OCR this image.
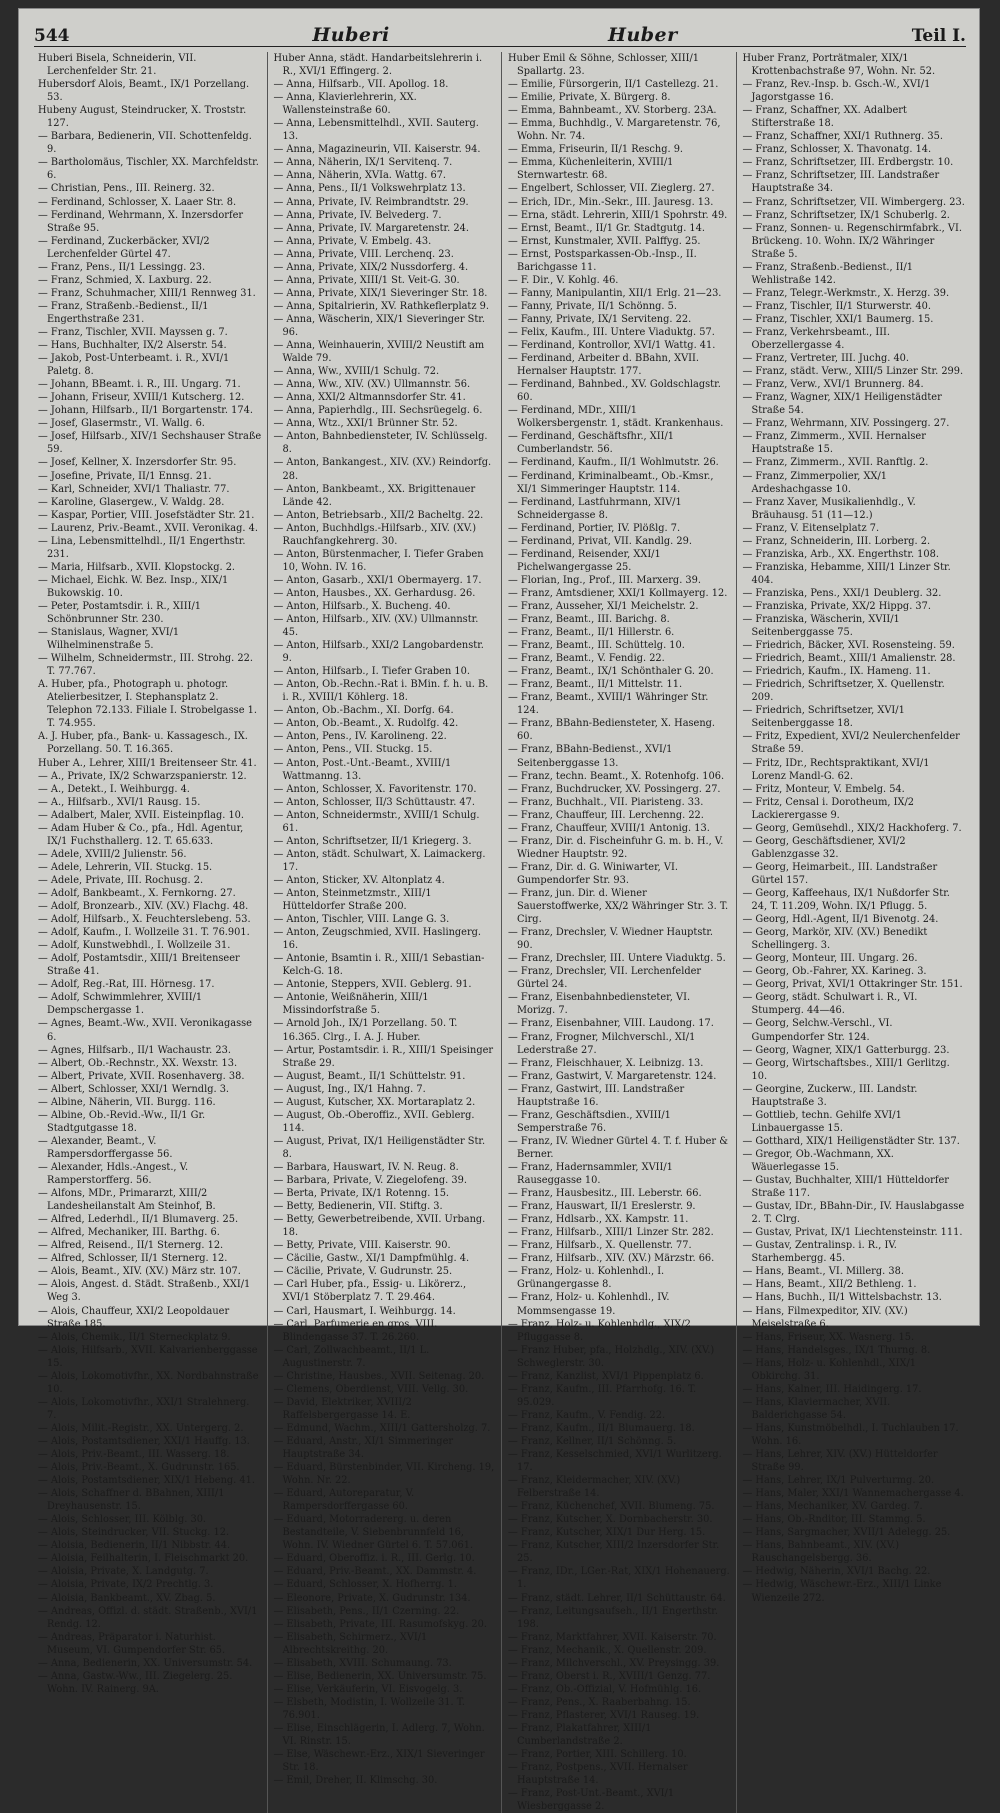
544	Huberi	Huber	Teil I.
Huberi Bisela, Schneiderin, VII. Lerchenfelder Str. 21.
Hubersdorf Alois, Beamt., IX/1 Porzellang. 53.
Hubeny August, Steindrucker, X. Troststr. 127.
— Barbara, Bedienerin, VII. Schottenfeldg. 9.
— Bartholomäus, Tischler, XX. Marchfeldstr. 6.
— Christian, Pens., III. Reinerg. 32.
— Ferdinand, Schlosser, X. Laaer Str. 8.
— Ferdinand, Wehrmann, X. Inzersdorfer Straße 95.
— Ferdinand, Zuckerbäcker, XVI/2 Lerchenfelder Gürtel 47.
— Franz, Pens., II/1 Lessingg. 23.
— Franz, Schmied, X. Laxburg. 22.
— Franz, Schuhmacher, XIII/1 Rennweg 31.
— Franz, Straßenb.-Bedienst., II/1 Engerthstraße 231.
— Franz, Tischler, XVII. Mayssen g. 7.
— Hans, Buchhalter, IX/2 Alserstr. 54.
— Jakob, Post-Unterbeamt. i. R., XVI/1 Paletg. 8.
— Johann, BBeamt. i. R., III. Ungarg. 71.
— Johann, Friseur, XVIII/1 Kutscherg. 12.
— Johann, Hilfsarb., II/1 Borgartenstr. 174.
— Josef, Glasermstr., VI. Wallg. 6.
— Josef, Hilfsarb., XIV/1 Sechshauser Straße 59.
— Josef, Kellner, X. Inzersdorfer Str. 95.
— Josefine, Private, II/1 Ennsg. 21.
— Karl, Schneider, XVI/1 Thaliastr. 77.
— Karoline, Glasergew., V. Waldg. 28.
— Kaspar, Portier, VIII. Josefstädter Str. 21.
— Laurenz, Priv.-Beamt., XVII. Veronikag. 4.
— Lina, Lebensmittelhdl., II/1 Engerthstr. 231.
— Maria, Hilfsarb., XVII. Klopstockg. 2.
— Michael, Eichk. W. Bez. Insp., XIX/1 Bukowskig. 10.
— Peter, Postamtsdir. i. R., XIII/1 Schönbrunner Str. 230.
— Stanislaus, Wagner, XVI/1 Wilhelminenstraße 5.
— Wilhelm, Schneidermstr., III. Strohg. 22. T. 77.767.
A. Huber, pfa., Photograph u. photogr. Atelierbesitzer, I. Stephansplatz 2. Telephon 72.133. Filiale I. Strobelgasse 1. T. 74.955.
A. J. Huber, pfa., Bank- u. Kassagesch., IX. Porzellang. 50. T. 16.365.
Huber A., Lehrer, XIII/1 Breitenseer Str. 41.
— A., Private, IX/2 Schwarzspanierstr. 12.
— A., Detekt., I. Weihburgg. 4.
— A., Hilfsarb., XVI/1 Rausg. 15.
— Adalbert, Maler, XVII. Eisteinpflag. 10.
— Adam Huber & Co., pfa., Hdl. Agentur, IX/1 Fuchsthallerg. 12. T. 65.633.
— Adele, XVIII/2 Julienstr. 56.
— Adele, Lehrerin, VII. Stuckg. 15.
— Adele, Private, III. Rochusg. 2.
— Adolf, Bankbeamt., X. Fernkorng. 27.
— Adolf, Bronzearb., XIV. (XV.) Flachg. 48.
— Adolf, Hilfsarb., X. Feuchterslebeng. 53.
— Adolf, Kaufm., I. Wollzeile 31. T. 76.901.
— Adolf, Kunstwebhdl., I. Wollzeile 31.
— Adolf, Postamtsdir., XIII/1 Breitenseer Straße 41.
— Adolf, Reg.-Rat, III. Hörnesg. 17.
— Adolf, Schwimmlehrer, XVIII/1 Dempschergasse 1.
— Agnes, Beamt.-Ww., XVII. Veronikagasse 6.
— Agnes, Hilfsarb., II/1 Wachaustr. 23.
— Albert, Ob.-Rechnstr., XX. Wexstr. 13.
— Albert, Private, XVII. Rosenhaverg. 38.
— Albert, Schlosser, XXI/1 Werndlg. 3.
— Albine, Näherin, VII. Burgg. 116.
— Albine, Ob.-Revid.-Ww., II/1 Gr. Stadtgutgasse 18.
— Alexander, Beamt., V. Rampersdorffergasse 56.
— Alexander, Hdls.-Angest., V. Ramperstorfferg. 56.
— Alfons, MDr., Primararzt, XIII/2 Landesheilanstalt Am Steinhof, B.
— Alfred, Lederhdl., II/1 Blumaverg. 25.
— Alfred, Mechaniker, III. Barthg. 6.
— Alfred, Reisend., II/1 Sternerg. 12.
— Alfred, Schlosser, II/1 Sternerg. 12.
— Alois, Beamt., XIV. (XV.) März str. 107.
— Alois, Angest. d. Städt. Straßenb., XXI/1 Weg 3.
— Alois, Chauffeur, XXI/2 Leopoldauer Straße 185.
— Alois, Chemik., II/1 Sterneckplatz 9.
— Alois, Hilfsarb., XVII. Kalvarienberggasse 15.
— Alois, Lokomotivfhr., XX. Nordbahnstraße 10.
— Alois, Lokomotivfhr., XXI/1 Stralehnerg. 7.
— Alois, Milit.-Registr., XX. Untergerg. 2.
— Alois, Postamtsdiener, XXI/1 Hauffg. 13.
— Alois, Priv.-Beamt., III. Wasserg. 18.
— Alois, Priv.-Beamt., X. Gudrunstr. 165.
— Alois, Postamtsdiener, XIX/1 Hebeng. 41.
— Alois, Schaffner d. BBahnen, XIII/1 Dreyhausenstr. 15.
— Alois, Schlosser, III. Kölblg. 30.
— Alois, Steindrucker, VII. Stuckg. 12.
— Aloisia, Bedienerin, II/1 Nibbstr. 44.
— Aloisia, Feilhalterin, I. Fleischmarkt 20.
— Aloisia, Private, X. Landgutg. 7.
— Aloisia, Private, IX/2 Prechtlg. 3.
— Aloisia, Bankbeamt., XV. Zbag. 5.
— Andreas, Offizl. d. städt. Straßenb., XVI/1 Rendg. 12.
— Andreas, Präparator i. Naturhist. Museum, VI. Gumpendorfer Str. 65.
— Anna, Bedienerin, XX. Universumstr. 54.
— Anna, Gastw.-Ww., III. Ziegelerg. 25. Wohn. IV. Rainerg. 9A.
Huber Anna, städt. Handarbeitslehrerin i. R., XVI/1 Effingerg. 2.
— Anna, Hilfsarb., VII. Apollog. 18.
— Anna, Klavierlehrerin, XX. Wallensteinstraße 60.
— Anna, Lebensmittelhdl., XVII. Sauterg. 13.
— Anna, Magazineurin, VII. Kaiserstr. 94.
— Anna, Näherin, IX/1 Servitenq. 7.
— Anna, Näherin, XVIa. Wattg. 67.
— Anna, Pens., II/1 Volkswehrplatz 13.
— Anna, Private, IV. Reimbrandtstr. 29.
— Anna, Private, IV. Belvederg. 7.
— Anna, Private, IV. Margaretenstr. 24.
— Anna, Private, V. Embelg. 43.
— Anna, Private, VIII. Lerchenq. 23.
— Anna, Private, XIX/2 Nussdorferg. 4.
— Anna, Private, XIII/1 St. Veit-G. 30.
— Anna, Private, XIX/1 Sieveringer Str. 18.
— Anna, Spitalrierin, XV. Rathkeflerplatz 9.
— Anna, Wäscherin, XIX/1 Sieveringer Str. 96.
— Anna, Weinhauerin, XVIII/2 Neustift am Walde 79.
— Anna, Ww., XVIII/1 Schulg. 72.
— Anna, Ww., XIV. (XV.) Ullmannstr. 56.
— Anna, XXI/2 Altmannsdorfer Str. 41.
— Anna, Papierhdlg., III. Sechsrüegelg. 6.
— Anna, Wtz., XXI/1 Brünner Str. 52.
— Anton, Bahnbediensteter, IV. Schlüsselg. 8.
— Anton, Bankangest., XIV. (XV.) Reindorfg. 28.
— Anton, Bankbeamt., XX. Brigittenauer Lände 42.
— Anton, Betriebsarb., XII/2 Bacheltg. 22.
— Anton, Buchhdlgs.-Hilfsarb., XIV. (XV.) Rauchfangkehrerg. 30.
— Anton, Bürstenmacher, I. Tiefer Graben 10, Wohn. IV. 16.
— Anton, Gasarb., XXI/1 Obermayerg. 17.
— Anton, Hausbes., XX. Gerhardusg. 26.
— Anton, Hilfsarb., X. Bucheng. 40.
— Anton, Hilfsarb., XIV. (XV.) Ullmannstr. 45.
— Anton, Hilfsarb., XXI/2 Langobardenstr. 9.
— Anton, Hilfsarb., I. Tiefer Graben 10.
— Anton, Ob.-Rechn.-Rat i. BMin. f. h. u. B. i. R., XVIII/1 Köhlerg. 18.
— Anton, Ob.-Bachm., XI. Dorfg. 64.
— Anton, Ob.-Beamt., X. Rudolfg. 42.
— Anton, Pens., IV. Karolineng. 22.
— Anton, Pens., VII. Stuckg. 15.
— Anton, Post.-Unt.-Beamt., XVIII/1 Wattmanng. 13.
— Anton, Schlosser, X. Favoritenstr. 170.
— Anton, Schlosser, II/3 Schüttaustr. 47.
— Anton, Schneidermstr., XVIII/1 Schulg. 61.
— Anton, Schriftsetzer, II/1 Kriegerg. 3.
— Anton, städt. Schulwart, X. Laimackerg. 17.
— Anton, Sticker, XV. Altonplatz 4.
— Anton, Steinmetzmstr., XIII/1 Hütteldorfer Straße 200.
— Anton, Tischler, VIII. Lange G. 3.
— Anton, Zeugschmied, XVII. Haslingerg. 16.
— Antonie, Bsamtin i. R., XIII/1 Sebastian-Kelch-G. 18.
— Antonie, Steppers, XVII. Geblerg. 91.
— Antonie, Weißnäherin, XIII/1 Missindorfstraße 5.
— Arnold Joh., IX/1 Porzellang. 50. T. 16.365. Clrg., I. A. J. Huber.
— Artur, Postamtsdir. i. R., XIII/1 Speisinger Straße 29.
— August, Beamt., II/1 Schüttelstr. 91.
— August, Ing., IX/1 Hahng. 7.
— August, Kutscher, XX. Mortaraplatz 2.
— August, Ob.-Oberoffiz., XVII. Geblerg. 114.
— August, Privat, IX/1 Heiligenstädter Str. 8.
— Barbara, Hauswart, IV. N. Reug. 8.
— Barbara, Private, V. Ziegelofeng. 39.
— Berta, Private, IX/1 Rotenng. 15.
— Betty, Bedienerin, VII. Stiftg. 3.
— Betty, Gewerbetreibende, XVII. Urbang. 18.
— Betty, Private, VIII. Kaiserstr. 90.
— Cäcilie, Gastw., XI/1 Dampfmühlg. 4.
— Cäcilie, Private, V. Gudrunstr. 25.
— Carl Huber, pfa., Essig- u. Likörerz., XVI/1 Stöberplatz 7. T. 29.464.
— Carl, Hausmart, I. Weihburgg. 14.
— Carl, Parfumerie en gros, VIII. Blindengasse 37. T. 26.260.
— Carl, Zollwachbeamt., II/1 L. Augustinerstr. 7.
— Christine, Hausbes., XVII. Seitenag. 20.
— Clemens, Oberdienst, VIII. Vellg. 30.
— David, Elektriker, XVIII/2 Raffelsbergergasse 14. E.
— Edmund, Wachm., XIII/1 Gattersholzg. 7.
— Eduard, Anstr., XI/1 Simmeringer Hauptstraße 34.
— Eduard, Bürstenbinder, VII. Kircheng. 19, Wohn. Nr. 22.
— Eduard, Autoreparatur, V. Rampersdorffergasse 60.
— Eduard, Motorradererg. u. deren Bestandteile, V. Siebenbrunnfeld 16, Wohn. IV. Wiedner Gürtel 6. T. 57.061.
— Eduard, Oberoffiz. i. R., III. Gerlg. 10.
— Eduard, Priv.-Beamt., XX. Dammstr. 4.
— Eduard, Schlosser, X. Hofherrg. 1.
— Eleonore, Private, X. Gudrunstr. 134.
— Elisabeth, Pens., II/1 Czerning. 22.
— Elisabeth, Private, III. Rasumofskyg. 20.
— Elisabeth, Schirmerz., XVI/1 Albrechtskreithg. 20.
— Elisabeth, XVIII. Schumaung. 73.
— Elise, Bedienerin, XX. Universumstr. 75.
— Elise, Verkäuferin, VI. Eisvogelg. 3.
— Elsbeth, Modistin, I. Wollzeile 31. T. 76.901.
— Elise, Einschlägerin, I. Adlerg. 7, Wohn. VI. Rinstr. 15.
— Else, Wäschewr.-Erz., XIX/1 Sieveringer Str. 18.
— Emil, Dreher, II. Klimschg. 30.
Huber Emil & Söhne, Schlosser, XIII/1 Spallartg. 23.
— Emilie, Fürsorgerin, II/1 Castellezg. 21.
— Emilie, Private, X. Bürgerg. 8.
— Emma, Bahnbeamt., XV. Storberg. 23A.
— Emma, Buchhdlg., V. Margaretenstr. 76, Wohn. Nr. 74.
— Emma, Friseurin, II/1 Reschg. 9.
— Emma, Küchenleiterin, XVIII/1 Sternwartestr. 68.
— Engelbert, Schlosser, VII. Zieglerg. 27.
— Erich, IDr., Min.-Sekr., III. Jauresg. 13.
— Erna, städt. Lehrerin, XIII/1 Spohrstr. 49.
— Ernst, Beamt., II/1 Gr. Stadtgutg. 14.
— Ernst, Kunstmaler, XVII. Palffyg. 25.
— Ernst, Postsparkassen-Ob.-Insp., II. Barichgasse 11.
— F. Dir., V. Kohlg. 46.
— Fanny, Manipulantin, XII/1 Erlg. 21—23.
— Fanny, Private, II/1 Schönng. 5.
— Fanny, Private, IX/1 Serviteng. 22.
— Felix, Kaufm., III. Untere Viaduktg. 57.
— Ferdinand, Kontrollor, XVI/1 Wattg. 41.
— Ferdinand, Arbeiter d. BBahn, XVII. Hernalser Hauptstr. 177.
— Ferdinand, Bahnbed., XV. Goldschlagstr. 60.
— Ferdinand, MDr., XIII/1 Wolkersbergenstr. 1, städt. Krankenhaus.
— Ferdinand, Geschäftsfhr., XII/1 Cumberlandstr. 56.
— Ferdinand, Kaufm., II/1 Wohlmutstr. 26.
— Ferdinand, Kriminalbeamt., Ob.-Kmsr., XI/1 Simmeringer Hauptstr. 114.
— Ferdinand, Lastfuhrmann, XIV/1 Schneidergasse 8.
— Ferdinand, Portier, IV. Plößlg. 7.
— Ferdinand, Privat, VII. Kandlg. 29.
— Ferdinand, Reisender, XXI/1 Pichelwangergasse 25.
— Florian, Ing., Prof., III. Marxerg. 39.
— Franz, Amtsdiener, XXI/1 Kollmayerg. 12.
— Franz, Ausseher, XI/1 Meichelstr. 2.
— Franz, Beamt., III. Barichg. 8.
— Franz, Beamt., II/1 Hillerstr. 6.
— Franz, Beamt., III. Schüttelg. 10.
— Franz, Beamt., V. Fendig. 22.
— Franz, Beamt., IX/1 Schönthaler G. 20.
— Franz, Beamt., II/1 Mittelstr. 11.
— Franz, Beamt., XVIII/1 Währinger Str. 124.
— Franz, BBahn-Bediensteter, X. Haseng. 60.
— Franz, BBahn-Bedienst., XVI/1 Seitenberggasse 13.
— Franz, techn. Beamt., X. Rotenhofg. 106.
— Franz, Buchdrucker, XV. Possingerg. 27.
— Franz, Buchhalt., VII. Piaristeng. 33.
— Franz, Chauffeur, III. Lerchenng. 22.
— Franz, Chauffeur, XVIII/1 Antonig. 13.
— Franz, Dir. d. Fischeinfuhr G. m. b. H., V. Wiedner Hauptstr. 92.
— Franz, Dir. d. G. Winiwarter, VI. Gumpendorfer Str. 93.
— Franz, jun. Dir. d. Wiener Sauerstoffwerke, XX/2 Währinger Str. 3. T. Cirg.
— Franz, Drechsler, V. Wiedner Hauptstr. 90.
— Franz, Drechsler, III. Untere Viaduktg. 5.
— Franz, Drechsler, VII. Lerchenfelder Gürtel 24.
— Franz, Eisenbahnbediensteter, VI. Morizg. 7.
— Franz, Eisenbahner, VIII. Laudong. 17.
— Franz, Frogner, Milchverschl., XI/1 Lederstraße 27.
— Franz, Fleischhauer, X. Leibnizg. 13.
— Franz, Gastwirt, V. Margaretenstr. 124.
— Franz, Gastwirt, III. Landstraßer Hauptstraße 16.
— Franz, Geschäftsdien., XVIII/1 Semperstraße 76.
— Franz, IV. Wiedner Gürtel 4. T. f. Huber & Berner.
— Franz, Hadernsammler, XVII/1 Rauseggasse 10.
— Franz, Hausbesitz., III. Leberstr. 66.
— Franz, Hauswart, II/1 Ereslerstr. 9.
— Franz, Hdlsarb., XX. Kampstr. 11.
— Franz, Hilfsarb., XIII/1 Linzer Str. 282.
— Franz, Hilfsarb., X. Quellenstr. 77.
— Franz, Hilfsarb., XIV. (XV.) Märzstr. 66.
— Franz, Holz- u. Kohlenhdl., I. Grünangergasse 8.
— Franz, Holz- u. Kohlenhdl., IV. Mommsengasse 19.
— Franz, Holz- u. Kohlenhdlg., XIX/2 Pfluggasse 8.
— Franz Huber, pfa., Holzhdlg., XIV. (XV.) Schweglerstr. 30.
— Franz, Kanzlist, XVI/1 Pippenplatz 6.
— Franz, Kaufm., III. Pfarrhofg. 16. T. 95.029.
— Franz, Kaufm., V. Fendig. 22.
— Franz, Kaufm., II/1 Blumauerg. 18.
— Franz, Kellner, II/1 Schönng. 5.
— Franz, Kesselschmied, XVI/1 Wurlitzerg. 17.
— Franz, Kleidermacher, XIV. (XV.) Felberstraße 14.
— Franz, Küchenchef, XVII. Blumeng. 75.
— Franz, Kutscher, X. Dornbacherstr. 30.
— Franz, Kutscher, XIX/1 Dur Herg. 15.
— Franz, Kutscher, XIII/2 Inzersdorfer Str. 25.
— Franz, IDr., LGer.-Rat, XIX/1 Hohenauerg. 1.
— Franz, städt. Lehrer, II/1 Schüttaustr. 64.
— Franz, Leitungsaufseh., II/1 Engerthstr. 198.
— Franz, Marktfahrer, XVII. Kaiserstr. 70.
— Franz, Mechanik., X. Quellenstr. 209.
— Franz, Milchverschl., XV. Preysingg. 39.
— Franz, Oberst i. R., XVIII/1 Genzg. 77.
— Franz, Ob.-Offizial, V. Hofmühlg. 16.
— Franz, Pens., X. Raaberbahng. 15.
— Franz, Pflasterer, XVI/1 Rauseg. 19.
— Franz, Plakatfahrer, XIII/1 Cumberlandstraße 2.
— Franz, Portier, XIII. Schillerg. 10.
— Franz, Postpens., XVII. Hernalser Hauptstraße 14.
— Franz, Post-Unt.-Beamt., XVI/1 Wiesberggasse 2.
Huber Franz, Porträtmaler, XIX/1 Krottenbachstraße 97, Wohn. Nr. 52.
— Franz, Rev.-Insp. b. Gsch.-W., XVI/1 Jagorstgasse 16.
— Franz, Schaffner, XX. Adalbert Stifterstraße 18.
— Franz, Schaffner, XXI/1 Ruthnerg. 35.
— Franz, Schlosser, X. Thavonatg. 14.
— Franz, Schriftsetzer, III. Erdbergstr. 10.
— Franz, Schriftsetzer, III. Landstraßer Hauptstraße 34.
— Franz, Schriftsetzer, VII. Wimbergerg. 23.
— Franz, Schriftsetzer, IX/1 Schuberlg. 2.
— Franz, Sonnen- u. Regenschirmfabrk., VI. Brückeng. 10. Wohn. IX/2 Währinger Straße 5.
— Franz, Straßenb.-Bedienst., II/1 Wehlistraße 142.
— Franz, Telegr.-Werkmstr., X. Herzg. 39.
— Franz, Tischler, II/1 Sturwerstr. 40.
— Franz, Tischler, XXI/1 Baumerg. 15.
— Franz, Verkehrsbeamt., III. Oberzellergasse 4.
— Franz, Vertreter, III. Juchg. 40.
— Franz, städt. Verw., XIII/5 Linzer Str. 299.
— Franz, Verw., XVI/1 Brunnerg. 84.
— Franz, Wagner, XIX/1 Heiligenstädter Straße 54.
— Franz, Wehrmann, XIV. Possingerg. 27.
— Franz, Zimmerm., XVII. Hernalser Hauptstraße 15.
— Franz, Zimmerm., XVII. Ranftlg. 2.
— Franz, Zimmerpolier, XX/1 Ardeshachgasse 10.
— Franz Xaver, Musikalienhdlg., V. Bräuhausg. 51 (11—12.)
— Franz, V. Eitenselplatz 7.
— Franz, Schneiderin, III. Lorberg. 2.
— Franziska, Arb., XX. Engerthstr. 108.
— Franziska, Hebamme, XIII/1 Linzer Str. 404.
— Franziska, Pens., XXI/1 Deublerg. 32.
— Franziska, Private, XX/2 Hippg. 37.
— Franziska, Wäscherin, XVII/1 Seitenberggasse 75.
— Friedrich, Bäcker, XVI. Rosensteing. 59.
— Friedrich, Beamt., XIII/1 Amalienstr. 28.
— Friedrich, Kaufm., IX. Hameng. 11.
— Friedrich, Schriftsetzer, X. Quellenstr. 209.
— Friedrich, Schriftsetzer, XVI/1 Seitenberggasse 18.
— Fritz, Expedient, XVI/2 Neulerchenfelder Straße 59.
— Fritz, IDr., Rechtspraktikant, XVI/1 Lorenz Mandl-G. 62.
— Fritz, Monteur, V. Embelg. 54.
— Fritz, Censal i. Dorotheum, IX/2 Lackierergasse 9.
— Georg, Gemüsehdl., XIX/2 Hackhoferg. 7.
— Georg, Geschäftsdiener, XVI/2 Gablenzgasse 32.
— Georg, Heimarbeit., III. Landstraßer Gürtel 157.
— Georg, Kaffeehaus, IX/1 Nußdorfer Str. 24, T. 11.209, Wohn. IX/1 Pflugg. 5.
— Georg, Hdl.-Agent, II/1 Bivenotg. 24.
— Georg, Markör, XIV. (XV.) Benedikt Schellingerg. 3.
— Georg, Monteur, III. Ungarg. 26.
— Georg, Ob.-Fahrer, XX. Karineg. 3.
— Georg, Privat, XVI/1 Ottakringer Str. 151.
— Georg, städt. Schulwart i. R., VI. Stumperg. 44—46.
— Georg, Selchw.-Verschl., VI. Gumpendorfer Str. 124.
— Georg, Wagner, XIX/1 Gatterburgg. 23.
— Georg, Wirtschaftsbes., XIII/1 Gerlitzg. 10.
— Georgine, Zuckerw., III. Landstr. Hauptstraße 3.
— Gottlieb, techn. Gehilfe XVI/1 Linbauergasse 15.
— Gotthard, XIX/1 Heiligenstädter Str. 137.
— Gregor, Ob.-Wachmann, XX. Wäuerlegasse 15.
— Gustav, Buchhalter, XIII/1 Hütteldorfer Straße 117.
— Gustav, IDr., BBahn-Dir., IV. Hauslabgasse 2. T. Clrg.
— Gustav, Privat, IX/1 Liechtensteinstr. 111.
— Gustav, Zentralinsp. i. R., IV. Starhembergg. 45.
— Hans, Beamt., VI. Millerg. 38.
— Hans, Beamt., XII/2 Bethleng. 1.
— Hans, Buchh., II/1 Wittelsbachstr. 13.
— Hans, Filmexpeditor, XIV. (XV.) Meiselstraße 6.
— Hans, Friseur, XX. Wasnerg. 15.
— Hans, Handelsges., IX/1 Thurng. 8.
— Hans, Holz- u. Kohlenhdl., XIX/1 Obkirchg. 31.
— Hans, Kalner, III. Haidingerg. 17.
— Hans, Klaviermacher, XVII. Balderichgasse 54.
— Hans, Kunstmöbelhdl., I. Tuchlauben 17. Wohn. 16.
— Hans, Lehrer, XIV. (XV.) Hütteldorfer Straße 99.
— Hans, Lehrer, IX/1 Pulverturmg. 20.
— Hans, Maler, XXI/1 Wannemachergasse 4.
— Hans, Mechaniker, XV. Gardeg. 7.
— Hans, Ob.-Rnditor, III. Stammg. 5.
— Hans, Sargmacher, XVII/1 Adelegg. 25.
— Hans, Bahnbeamt., XIV. (XV.) Rauschangelsbergg. 36.
— Hedwig, Näherin, XVI/1 Bachg. 22.
— Hedwig, Wäschewr.-Erz., XIII/1 Linke Wienzeile 272.
